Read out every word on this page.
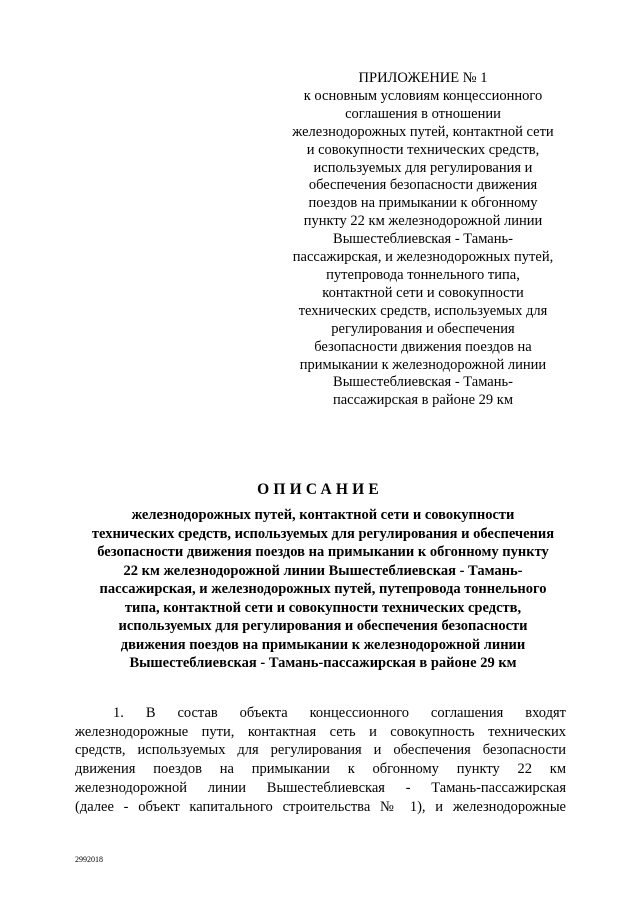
ПРИЛОЖЕНИЕ № 1
к основным условиям концессионного
соглашения в отношении
железнодорожных путей, контактной сети
и совокупности технических средств,
используемых для регулирования и
обеспечения безопасности движения
поездов на примыкании к обгонному
пункту 22 км железнодорожной линии
Вышестеблиевская - Тамань-
пассажирская, и железнодорожных путей,
путепровода тоннельного типа,
контактной сети и совокупности
технических средств, используемых для
регулирования и обеспечения
безопасности движения поездов на
примыкании к железнодорожной линии
Вышестеблиевская - Тамань-
пассажирская в районе 29 км
ОПИСАНИЕ
железнодорожных путей, контактной сети и совокупности
технических средств, используемых для регулирования и обеспечения
безопасности движения поездов на примыкании к обгонному пункту
22 км железнодорожной линии Вышестеблиевская - Тамань-
пассажирская, и железнодорожных путей, путепровода тоннельного
типа, контактной сети и совокупности технических средств,
используемых для регулирования и обеспечения безопасности
движения поездов на примыкании к железнодорожной линии
Вышестеблиевская - Тамань-пассажирская в районе 29 км
1. В состав объекта концессионного соглашения входят
железнодорожные пути, контактная сеть и совокупность технических
средств, используемых для регулирования и обеспечения безопасности
движения поездов на примыкании к обгонному пункту 22 км
железнодорожной линии Вышестеблиевская - Тамань-пассажирская
(далее - объект капитального строительства № 1), и железнодорожные
2992018
